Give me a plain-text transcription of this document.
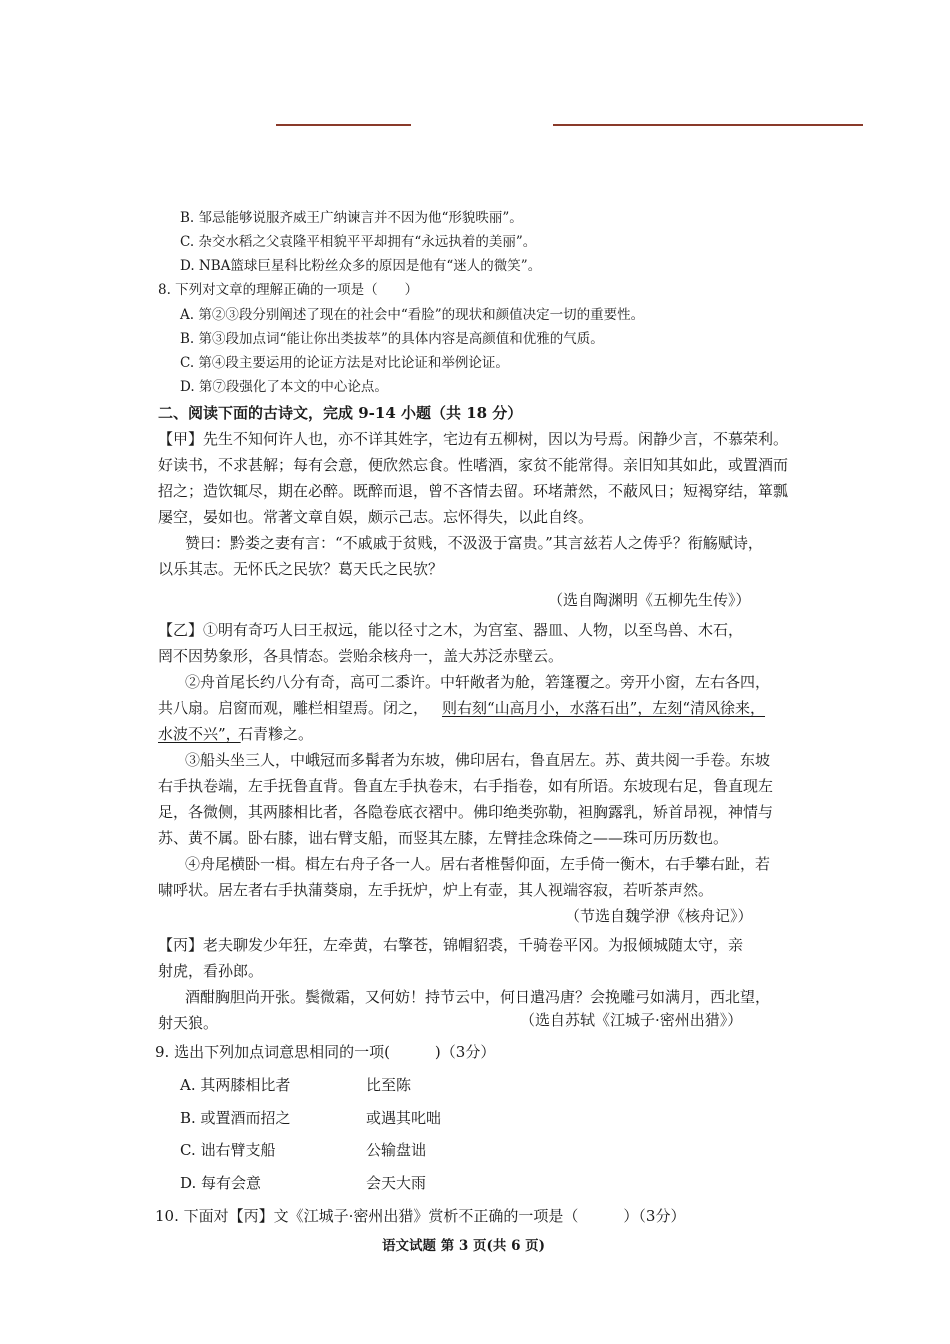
B. 邹忌能够说服齐威王广纳谏言并不因为他“形貌昳丽”。
C. 杂交水稻之父袁隆平相貌平平却拥有“永远执着的美丽”。
D. NBA篮球巨星科比粉丝众多的原因是他有“迷人的微笑”。
8. 下列对文章的理解正确的一项是（　　）
A. 第②③段分别阐述了现在的社会中“看脸”的现状和颜值决定一切的重要性。
B. 第③段加点词“能让你出类拔萃”的具体内容是高颜值和优雅的气质。
C. 第④段主要运用的论证方法是对比论证和举例论证。
D. 第⑦段强化了本文的中心论点。
二、阅读下面的古诗文，完成 9-14 小题（共 18 分）
【甲】先生不知何许人也，亦不详其姓字，宅边有五柳树，因以为号焉。闲静少言，不慕荣利。
好读书，不求甚解；每有会意，便欣然忘食。性嗜酒，家贫不能常得。亲旧知其如此，或置酒而
招之；造饮辄尽，期在必醉。既醉而退，曾不吝情去留。环堵萧然，不蔽风日；短褐穿结，箪瓢
屡空，晏如也。常著文章自娱，颇示己志。忘怀得失，以此自终。
赞曰：黔娄之妻有言：“不戚戚于贫贱，不汲汲于富贵。”其言兹若人之俦乎？衔觞赋诗，
以乐其志。无怀氏之民欤？葛天氏之民欤？
（选自陶渊明《五柳先生传》）
【乙】①明有奇巧人曰王叔远，能以径寸之木，为宫室、器皿、人物，以至鸟兽、木石，
罔不因势象形，各具情态。尝贻余核舟一，盖大苏泛赤壁云。
②舟首尾长约八分有奇，高可二黍许。中轩敞者为舱，箬篷覆之。旁开小窗，左右各四，
共八扇。启窗而观，雕栏相望焉。闭之， 则右刻“山高月小，水落石出”，左刻“清风徐来，
水波不兴”，
石青糁之。
③船头坐三人，中峨冠而多髯者为东坡，佛印居右，鲁直居左。苏、黄共阅一手卷。东坡
右手执卷端，左手抚鲁直背。鲁直左手执卷末，右手指卷，如有所语。东坡现右足，鲁直现左
足，各微侧，其两膝相比者，各隐卷底衣褶中。佛印绝类弥勒，袒胸露乳，矫首昂视，神情与
苏、黄不属。卧右膝，诎右臂支船，而竖其左膝，左臂挂念珠倚之——珠可历历数也。
④舟尾横卧一楫。楫左右舟子各一人。居右者椎髻仰面，左手倚一衡木，右手攀右趾，若
啸呼状。居左者右手执蒲葵扇，左手抚炉，炉上有壶，其人视端容寂，若听茶声然。
（节选自魏学洢《核舟记》）
【丙】老夫聊发少年狂，左牵黄，右擎苍，锦帽貂裘，千骑卷平冈。为报倾城随太守，亲
射虎，看孙郎。
酒酣胸胆尚开张。鬓微霜，又何妨！持节云中，何日遣冯唐？会挽雕弓如满月，西北望，
射天狼。	（选自苏轼《江城子·密州出猎》）
9. 选出下列加点词意思相同的一项(　　　)（3分）
A. 其两膝相比者	比至陈
B. 或置酒而招之	或遇其叱咄
C. 诎右臂支船	公输盘诎
D. 每有会意	会天大雨
10. 下面对【丙】文《江城子·密州出猎》赏析不正确的一项是（　　　）（3分）
语文试题 第 3 页(共 6 页)
